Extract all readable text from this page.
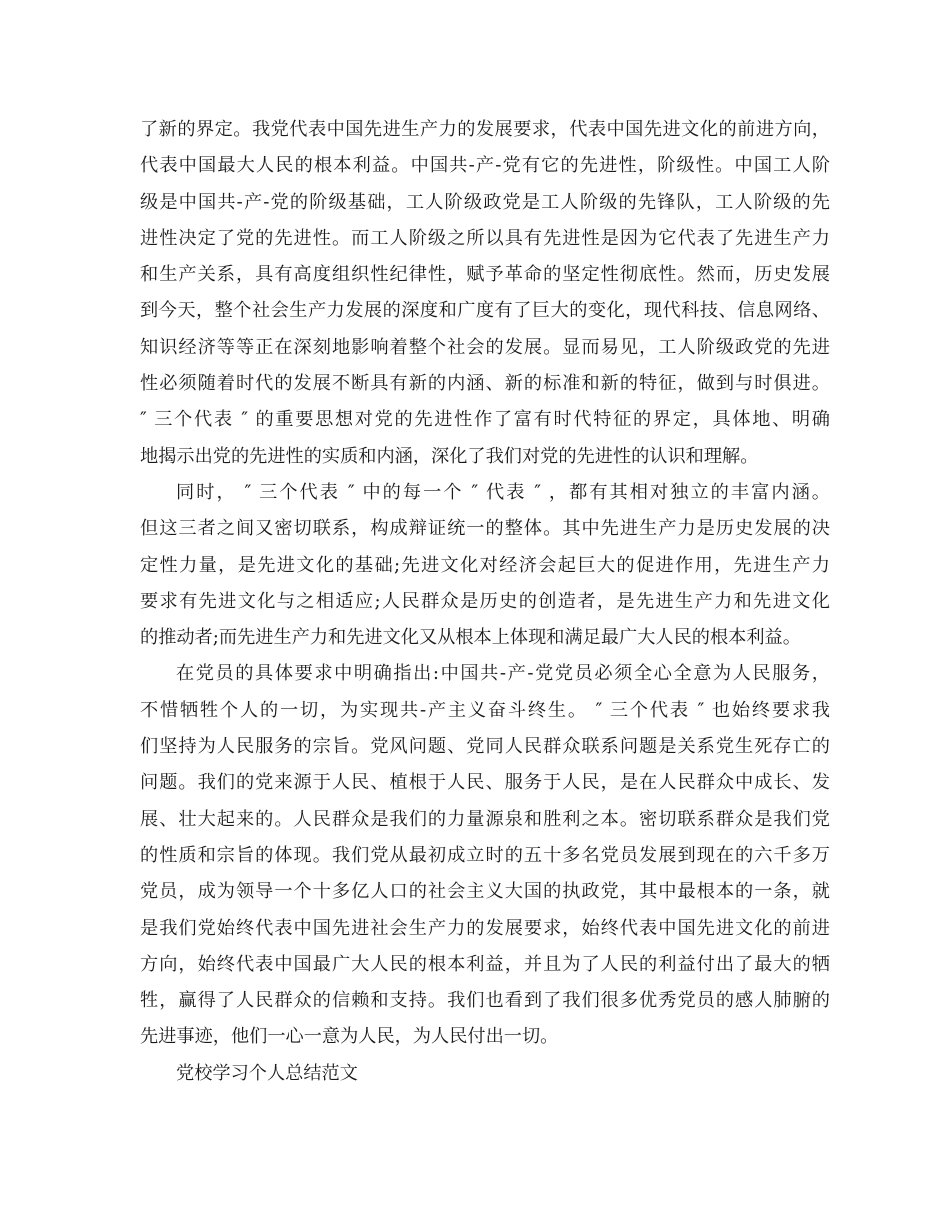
了新的界定。我党代表中国先进生产力的发展要求，代表中国先进文化的前进方向，
代表中国最大人民的根本利益。中国共-产-党有它的先进性，阶级性。中国工人阶
级是中国共-产-党的阶级基础，工人阶级政党是工人阶级的先锋队，工人阶级的先
进性决定了党的先进性。而工人阶级之所以具有先进性是因为它代表了先进生产力
和生产关系，具有高度组织性纪律性，赋予革命的坚定性彻底性。然而，历史发展
到今天，整个社会生产力发展的深度和广度有了巨大的变化，现代科技、信息网络、
知识经济等等正在深刻地影响着整个社会的发展。显而易见，工人阶级政党的先进
性必须随着时代的发展不断具有新的内涵、新的标准和新的特征，做到与时俱进。
″ 三个代表 ″ 的重要思想对党的先进性作了富有时代特征的界定，具体地、明确
地揭示出党的先进性的实质和内涵，深化了我们对党的先进性的认识和理解。
同时， ″ 三个代表 ″ 中的每一个 ″ 代表 ″ ，都有其相对独立的丰富内涵。
但这三者之间又密切联系，构成辩证统一的整体。其中先进生产力是历史发展的决
定性力量，是先进文化的基础;先进文化对经济会起巨大的促进作用，先进生产力
要求有先进文化与之相适应;人民群众是历史的创造者，是先进生产力和先进文化
的推动者;而先进生产力和先进文化又从根本上体现和满足最广大人民的根本利益。
在党员的具体要求中明确指出:中国共-产-党党员必须全心全意为人民服务，
不惜牺牲个人的一切，为实现共-产主义奋斗终生。 ″ 三个代表 ″ 也始终要求我
们坚持为人民服务的宗旨。党风问题、党同人民群众联系问题是关系党生死存亡的
问题。我们的党来源于人民、植根于人民、服务于人民，是在人民群众中成长、发
展、壮大起来的。人民群众是我们的力量源泉和胜利之本。密切联系群众是我们党
的性质和宗旨的体现。我们党从最初成立时的五十多名党员发展到现在的六千多万
党员，成为领导一个十多亿人口的社会主义大国的执政党，其中最根本的一条，就
是我们党始终代表中国先进社会生产力的发展要求，始终代表中国先进文化的前进
方向，始终代表中国最广大人民的根本利益，并且为了人民的利益付出了最大的牺
牲，赢得了人民群众的信赖和支持。我们也看到了我们很多优秀党员的感人肺腑的
先进事迹，他们一心一意为人民，为人民付出一切。
党校学习个人总结范文
